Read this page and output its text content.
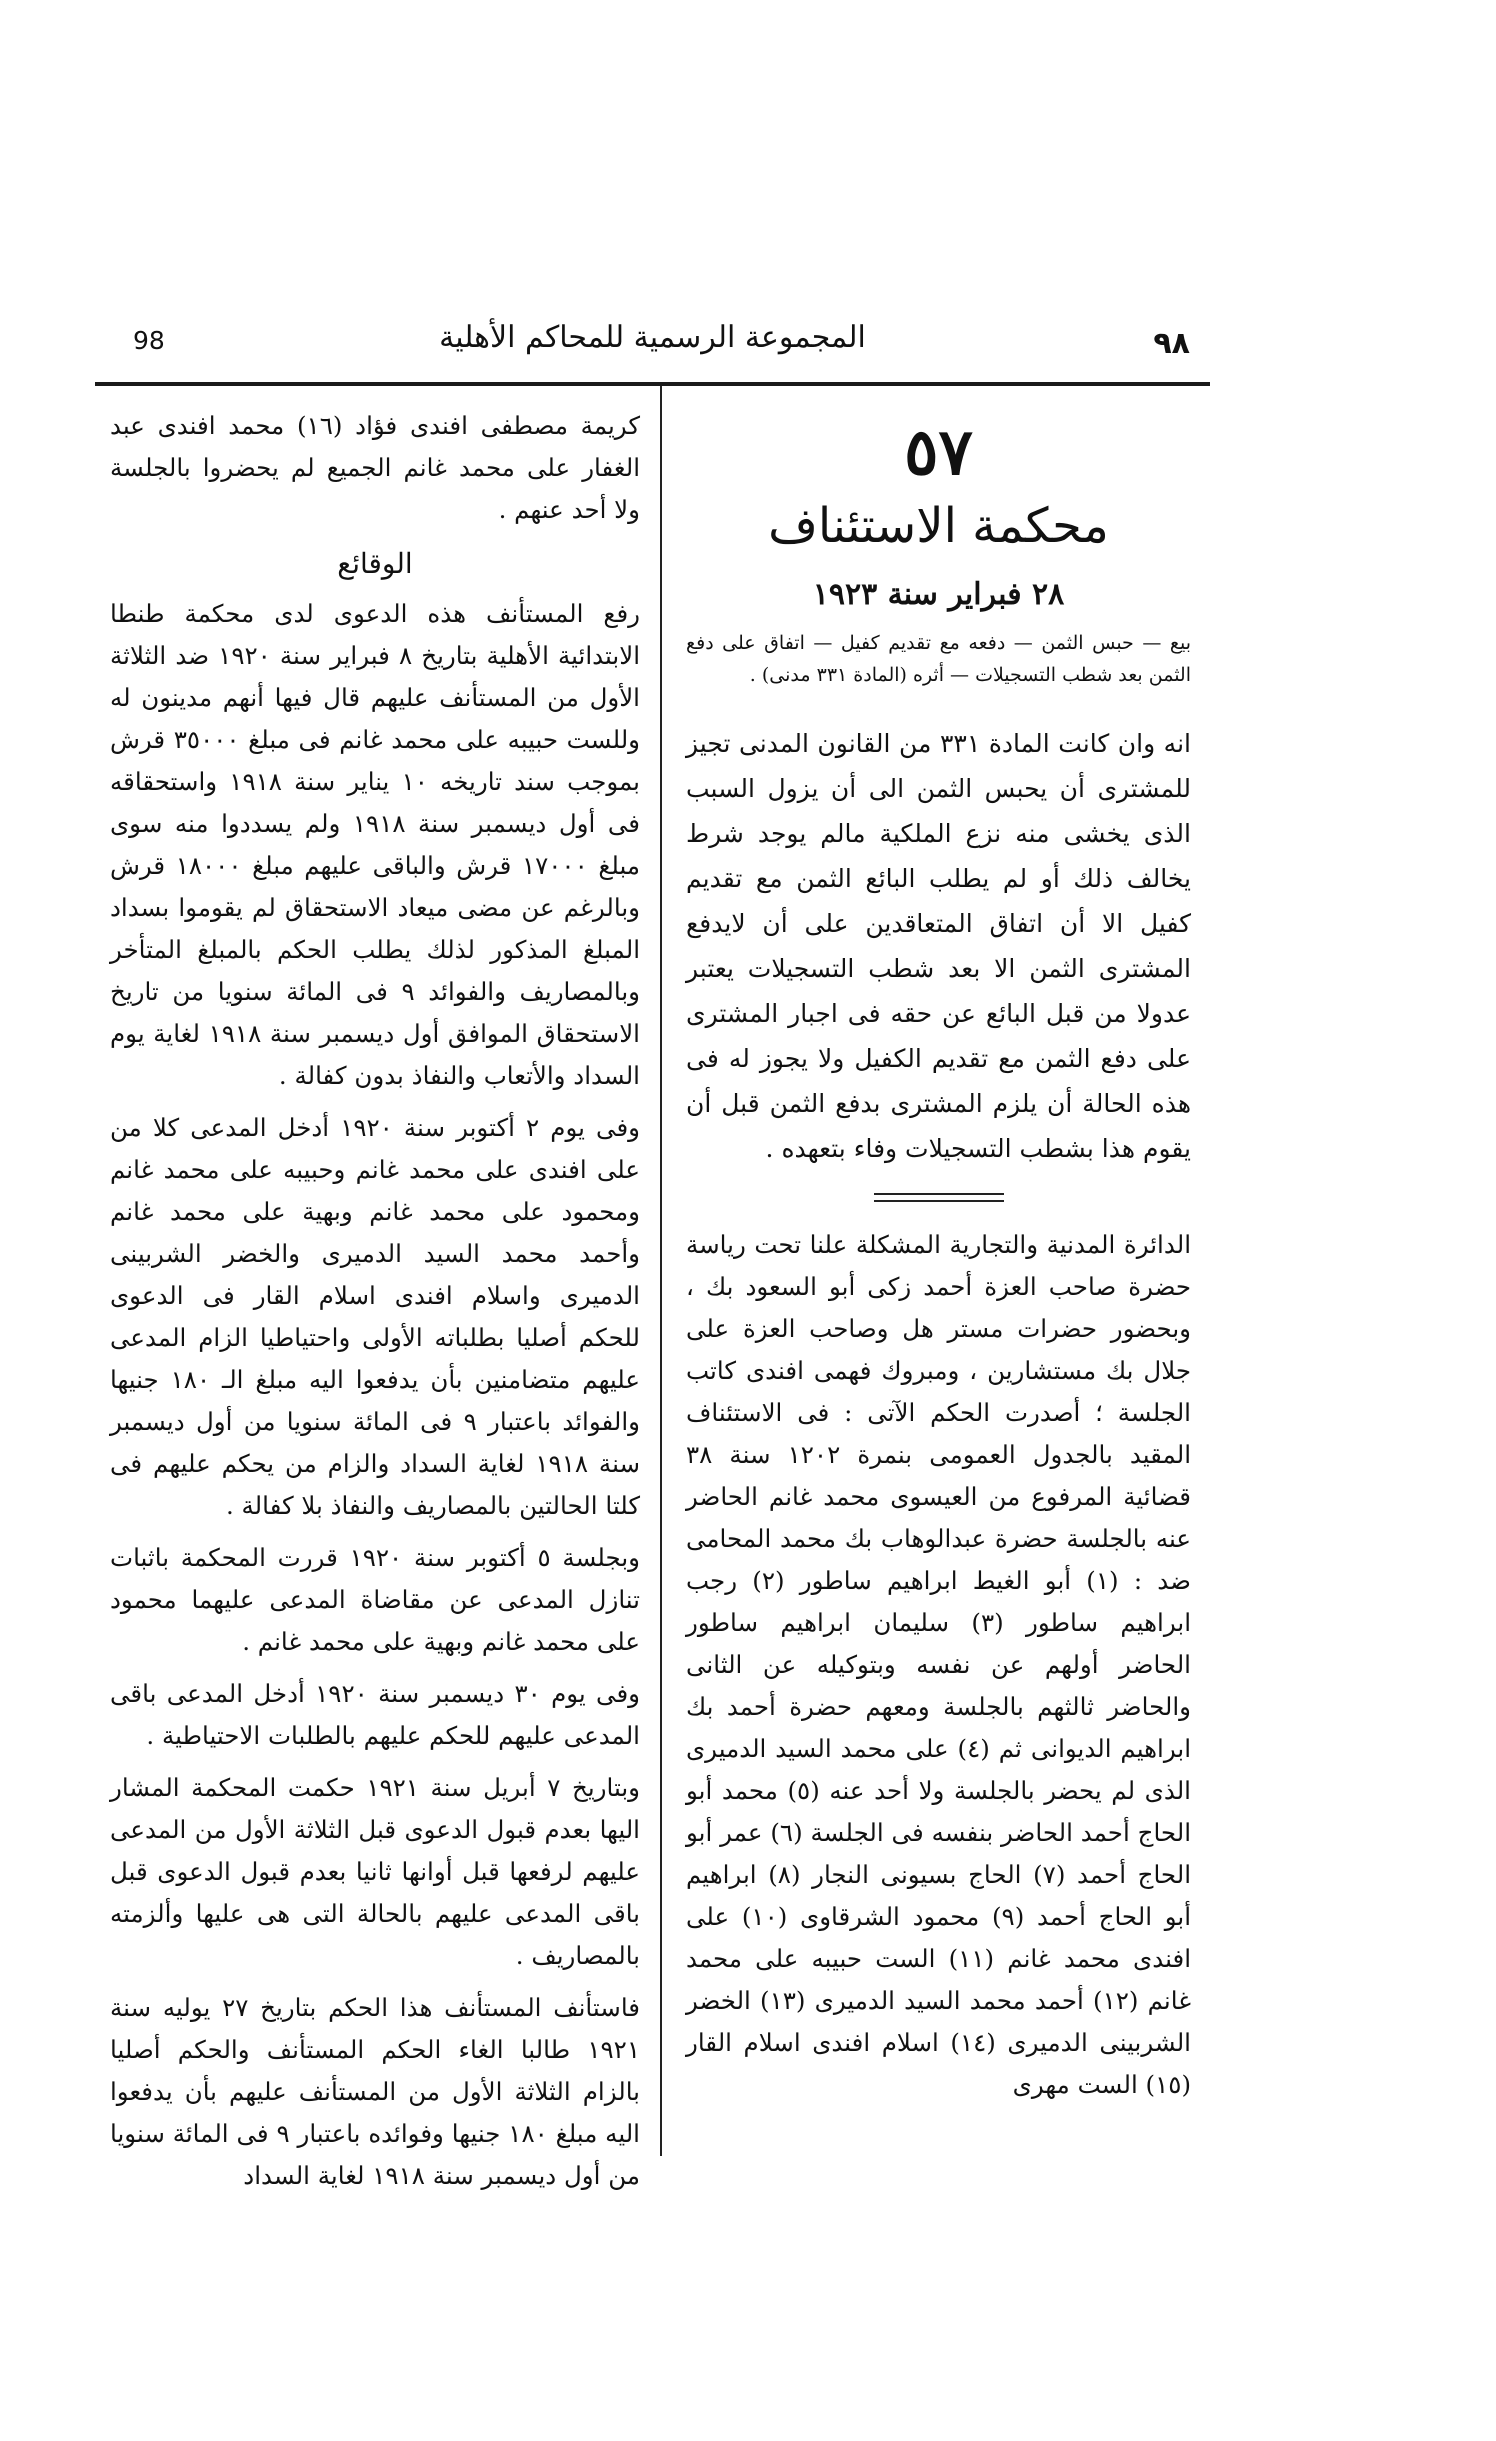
98	المجموعة الرسمية للمحاكم الأهلية	٩٨
٥٧
محكمة الاستئناف
٢٨ فبراير سنة ١٩٢٣
بيع — حبس الثمن — دفعه مع تقديم كفيل — اتفاق على دفع الثمن بعد شطب التسجيلات — أثره (المادة ٣٣١ مدنى) .
انه وان كانت المادة ٣٣١ من القانون المدنى تجيز للمشترى أن يحبس الثمن الى أن يزول السبب الذى يخشى منه نزع الملكية مالم يوجد شرط يخالف ذلك أو لم يطلب البائع الثمن مع تقديم كفيل الا أن اتفاق المتعاقدين على أن لايدفع المشترى الثمن الا بعد شطب التسجيلات يعتبر عدولا من قبل البائع عن حقه فى اجبار المشترى على دفع الثمن مع تقديم الكفيل ولا يجوز له فى هذه الحالة أن يلزم المشترى بدفع الثمن قبل أن يقوم هذا بشطب التسجيلات وفاء بتعهده .
الدائرة المدنية والتجارية المشكلة علنا تحت رياسة حضرة صاحب العزة أحمد زكى أبو السعود بك ، وبحضور حضرات مستر هل وصاحب العزة على جلال بك مستشارين ، ومبروك فهمى افندى كاتب الجلسة ؛ أصدرت الحكم الآتى : فى الاستئناف المقيد بالجدول العمومى بنمرة ١٢٠٢ سنة ٣٨ قضائية المرفوع من العيسوى محمد غانم الحاضر عنه بالجلسة حضرة عبدالوهاب بك محمد المحامى ضد : (١) أبو الغيط ابراهيم ساطور (٢) رجب ابراهيم ساطور (٣) سليمان ابراهيم ساطور الحاضر أولهم عن نفسه وبتوكيله عن الثانى والحاضر ثالثهم بالجلسة ومعهم حضرة أحمد بك ابراهيم الديوانى ثم (٤) على محمد السيد الدميرى الذى لم يحضر بالجلسة ولا أحد عنه (٥) محمد أبو الحاج أحمد الحاضر بنفسه فى الجلسة (٦) عمر أبو الحاج أحمد (٧) الحاج بسيونى النجار (٨) ابراهيم أبو الحاج أحمد (٩) محمود الشرقاوى (١٠) على افندى محمد غانم (١١) الست حبيبه على محمد غانم (١٢) أحمد محمد السيد الدميرى (١٣) الخضر الشربينى الدميرى (١٤) اسلام افندى اسلام القار (١٥) الست مهرى

كريمة مصطفى افندى فؤاد (١٦) محمد افندى عبد الغفار على محمد غانم الجميع لم يحضروا بالجلسة ولا أحد عنهم .

الوقائع

رفع المستأنف هذه الدعوى لدى محكمة طنطا الابتدائية الأهلية بتاريخ ٨ فبراير سنة ١٩٢٠ ضد الثلاثة الأول من المستأنف عليهم قال فيها أنهم مدينون له وللست حبيبه على محمد غانم فى مبلغ ٣٥٠٠٠ قرش بموجب سند تاريخه ١٠ يناير سنة ١٩١٨ واستحقاقه فى أول ديسمبر سنة ١٩١٨ ولم يسددوا منه سوى مبلغ ١٧٠٠٠ قرش والباقى عليهم مبلغ ١٨٠٠٠ قرش وبالرغم عن مضى ميعاد الاستحقاق لم يقوموا بسداد المبلغ المذكور لذلك يطلب الحكم بالمبلغ المتأخر وبالمصاريف والفوائد ٩ فى المائة سنويا من تاريخ الاستحقاق الموافق أول ديسمبر سنة ١٩١٨ لغاية يوم السداد والأتعاب والنفاذ بدون كفالة .

وفى يوم ٢ أكتوبر سنة ١٩٢٠ أدخل المدعى كلا من على افندى على محمد غانم وحبيبه على محمد غانم ومحمود على محمد غانم وبهية على محمد غانم وأحمد محمد السيد الدميرى والخضر الشربينى الدميرى واسلام افندى اسلام القار فى الدعوى للحكم أصليا بطلباته الأولى واحتياطيا الزام المدعى عليهم متضامنين بأن يدفعوا اليه مبلغ الـ ١٨٠ جنيها والفوائد باعتبار ٩ فى المائة سنويا من أول ديسمبر سنة ١٩١٨ لغاية السداد والزام من يحكم عليهم فى كلتا الحالتين بالمصاريف والنفاذ بلا كفالة .

وبجلسة ٥ أكتوبر سنة ١٩٢٠ قررت المحكمة باثبات تنازل المدعى عن مقاضاة المدعى عليهما محمود على محمد غانم وبهية على محمد غانم .

وفى يوم ٣٠ ديسمبر سنة ١٩٢٠ أدخل المدعى باقى المدعى عليهم للحكم عليهم بالطلبات الاحتياطية .

وبتاريخ ٧ أبريل سنة ١٩٢١ حكمت المحكمة المشار اليها بعدم قبول الدعوى قبل الثلاثة الأول من المدعى عليهم لرفعها قبل أوانها ثانيا بعدم قبول الدعوى قبل باقى المدعى عليهم بالحالة التى هى عليها وألزمته بالمصاريف .

فاستأنف المستأنف هذا الحكم بتاريخ ٢٧ يوليه سنة ١٩٢١ طالبا الغاء الحكم المستأنف والحكم أصليا بالزام الثلاثة الأول من المستأنف عليهم بأن يدفعوا اليه مبلغ ١٨٠ جنيها وفوائده باعتبار ٩ فى المائة سنويا من أول ديسمبر سنة ١٩١٨ لغاية السداد
